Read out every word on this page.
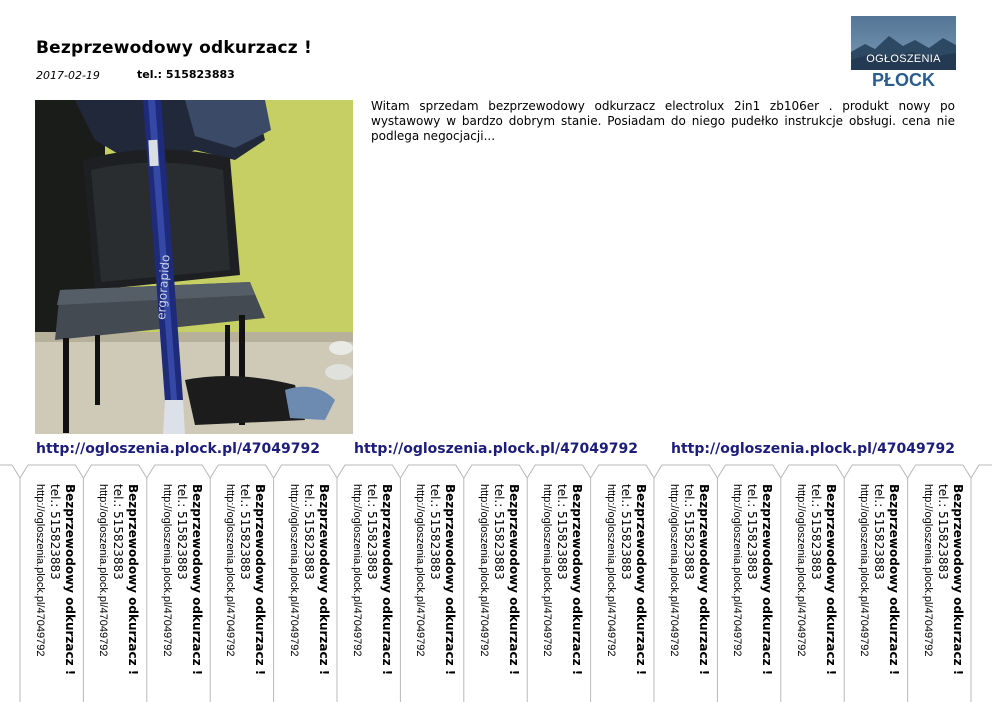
Bezprzewodowy odkurzacz !
2017-02-19	tel.: 515823883
OGŁOSZENIA
PŁOCK
ergorapido

Witam sprzedam bezprzewodowy odkurzacz electrolux 2in1 zb106er . produkt nowy po wystawowy w bardzo dobrym stanie. Posiadam do niego pudełko instrukcje obsługi. cena nie podlega negocjacji...

http://ogloszenia.plock.pl/47049792 http://ogloszenia.plock.pl/47049792 http://ogloszenia.plock.pl/47049792
Bezprzewodowy odkurzacz !
tel.: 515823883
http://ogloszenia.plock.pl/47049792	Bezprzewodowy odkurzacz !
tel.: 515823883
http://ogloszenia.plock.pl/47049792	Bezprzewodowy odkurzacz !
tel.: 515823883
http://ogloszenia.plock.pl/47049792	Bezprzewodowy odkurzacz !
tel.: 515823883
http://ogloszenia.plock.pl/47049792	Bezprzewodowy odkurzacz !
tel.: 515823883
http://ogloszenia.plock.pl/47049792	Bezprzewodowy odkurzacz !
tel.: 515823883
http://ogloszenia.plock.pl/47049792	Bezprzewodowy odkurzacz !
tel.: 515823883
http://ogloszenia.plock.pl/47049792	Bezprzewodowy odkurzacz !
tel.: 515823883
http://ogloszenia.plock.pl/47049792	Bezprzewodowy odkurzacz !
tel.: 515823883
http://ogloszenia.plock.pl/47049792	Bezprzewodowy odkurzacz !
tel.: 515823883
http://ogloszenia.plock.pl/47049792	Bezprzewodowy odkurzacz !
tel.: 515823883
http://ogloszenia.plock.pl/47049792	Bezprzewodowy odkurzacz !
tel.: 515823883
http://ogloszenia.plock.pl/47049792	Bezprzewodowy odkurzacz !
tel.: 515823883
http://ogloszenia.plock.pl/47049792	Bezprzewodowy odkurzacz !
tel.: 515823883
http://ogloszenia.plock.pl/47049792	Bezprzewodowy odkurzacz !
tel.: 515823883
http://ogloszenia.plock.pl/47049792
